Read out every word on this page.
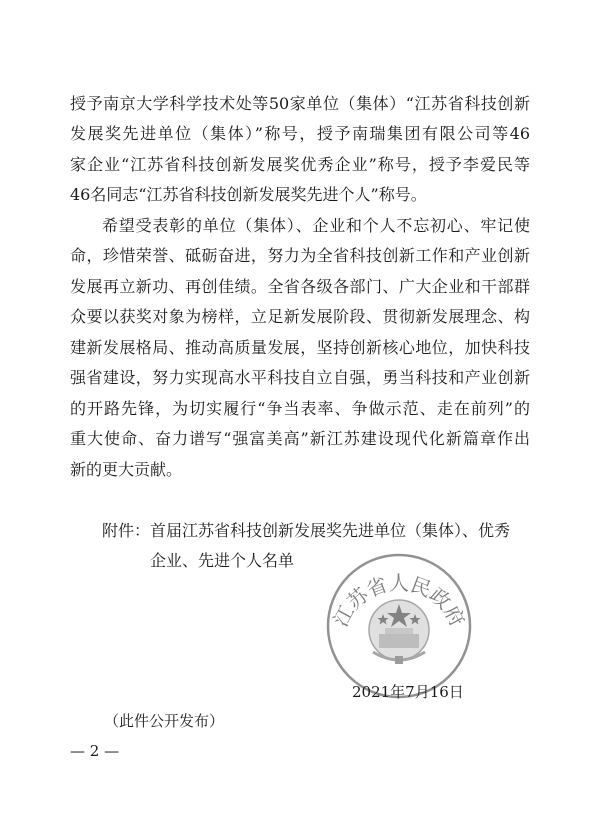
授予南京大学科学技术处等50家单位（集体）“江苏省科技创新
发展奖先进单位（集体）”称号，授予南瑞集团有限公司等46
家企业“江苏省科技创新发展奖优秀企业”称号，授予李爱民等
46名同志“江苏省科技创新发展奖先进个人”称号。
希望受表彰的单位（集体）、企业和个人不忘初心、牢记使
命，珍惜荣誉、砥砺奋进，努力为全省科技创新工作和产业创新
发展再立新功、再创佳绩。全省各级各部门、广大企业和干部群
众要以获奖对象为榜样，立足新发展阶段、贯彻新发展理念、构
建新发展格局、推动高质量发展，坚持创新核心地位，加快科技
强省建设，努力实现高水平科技自立自强，勇当科技和产业创新
的开路先锋，为切实履行“争当表率、争做示范、走在前列”的
重大使命、奋力谱写“强富美高”新江苏建设现代化新篇章作出
新的更大贡献。
附件： 首届江苏省科技创新发展奖先进单位（集体）、优秀
企业、先进个人名单
江苏省人民政府
2021年7月16日
（此件公开发布）
— 2 —
